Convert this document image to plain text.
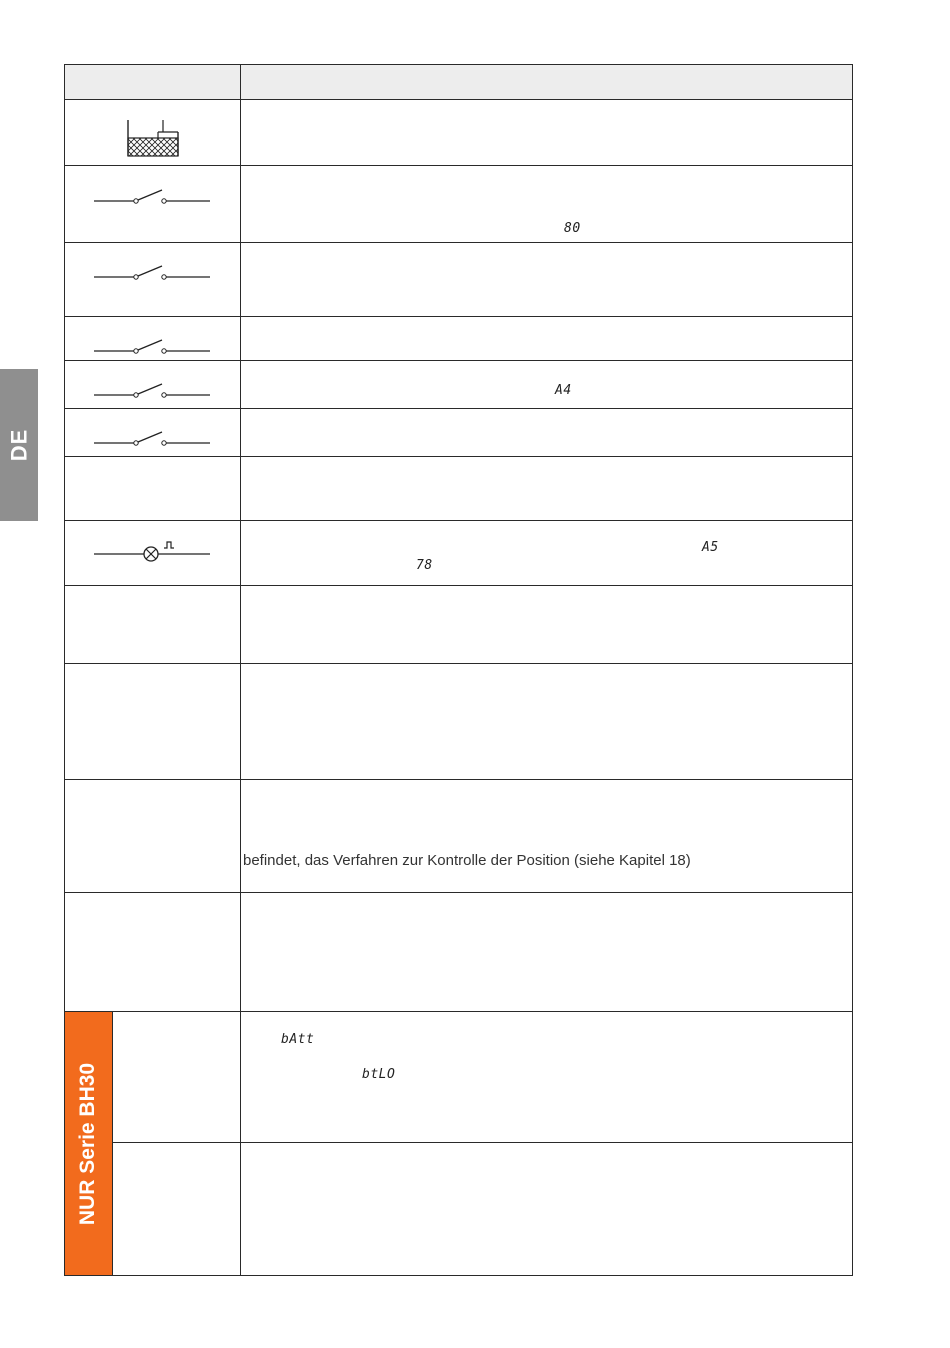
DE
80
A4
A5
78
bAtt
btLO
befindet, das Verfahren zur Kontrolle der Position (siehe Kapitel 18)
NUR Serie BH30
